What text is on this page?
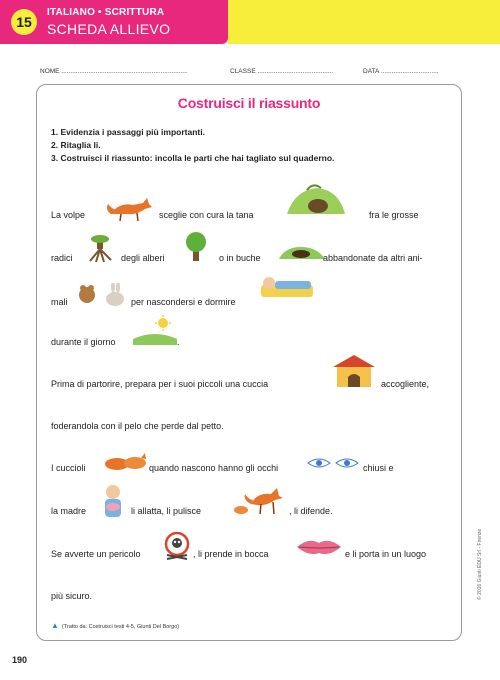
15
ITALIANO • SCRITTURA
SCHEDA ALLIEVO
NOME ......................................................................	CLASSE ..........................................	DATA ................................
Costruisci il riassunto
1. Evidenzia i passaggi più importanti.
2. Ritaglia li.
3. Costruisci il riassunto: incolla le parti che hai tagliato sul quaderno.
La volpe	sceglie con cura la tana	fra le grosse
radici	degli alberi	o in buche	abbandonate da altri ani-
mali	per nascondersi e dormire
durante il giorno	.
Prima di partorire, prepara per i suoi piccoli una cuccia	accogliente,
foderandola con il pelo che perde dal petto.
I cuccioli	quando nascono hanno gli occhi	chiusi e
la madre	li allatta, li pulisce	, li difende.
Se avverte un pericolo	, li prende in bocca	e li porta in un luogo
più sicuro.
▲ (Tratto da: Costruisci testi 4-5, Giunti Del Borgo)
190
© 2016 Giunti EDU Srl - Firenze
